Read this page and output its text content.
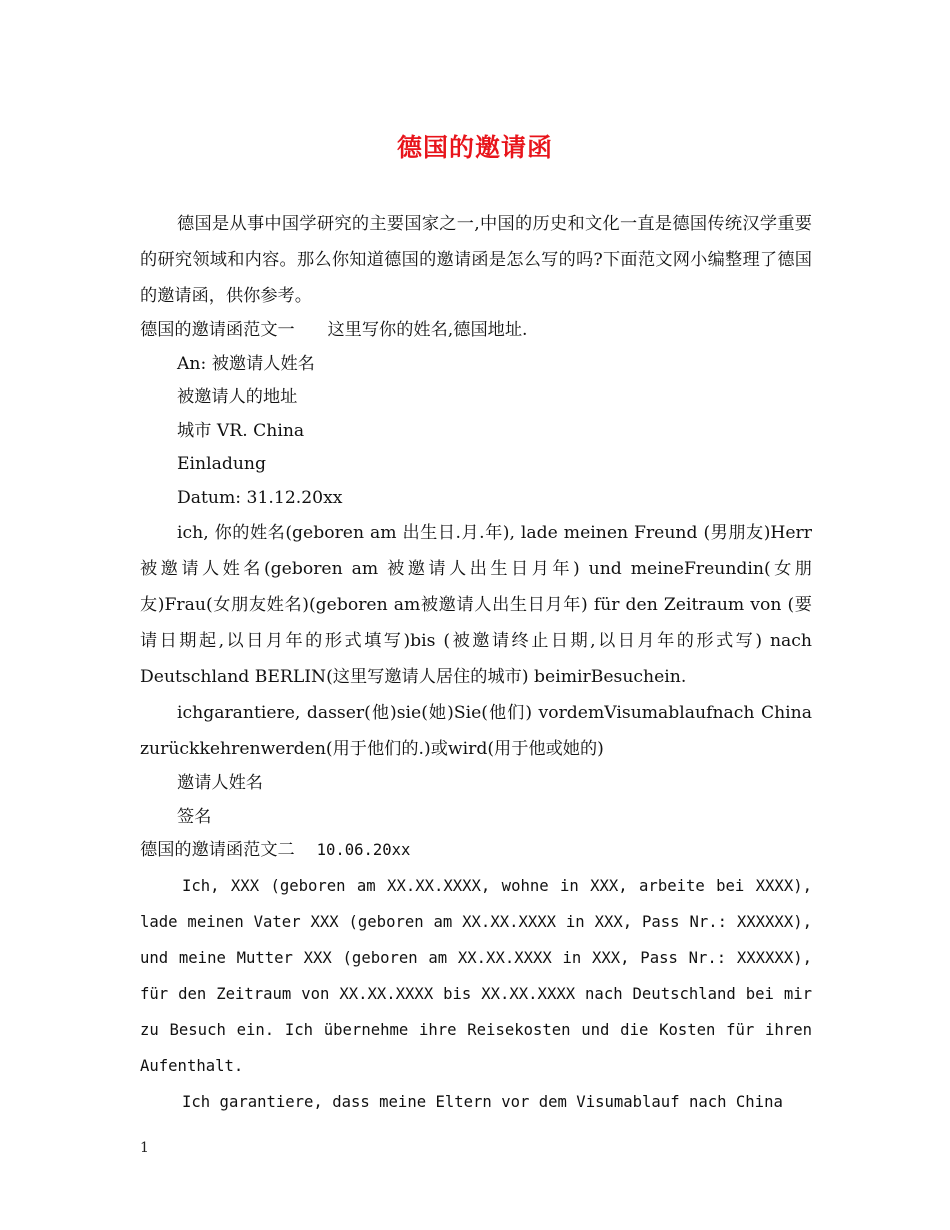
德国的邀请函

德国是从事中国学研究的主要国家之一,中国的历史和文化一直是德国传统汉学重要的研究领域和内容。那么你知道德国的邀请函是怎么写的吗?下面范文网小编整理了德国的邀请函，供你参考。

德国的邀请函范文一 这里写你的姓名,德国地址.

An: 被邀请人姓名

被邀请人的地址

城市 VR. China

Einladung

Datum: 31.12.20xx

ich, 你的姓名(geboren am 出生日.月.年), lade meinen Freund (男朋友)Herr 被邀请人姓名(geboren am 被邀请人出生日月年) und meineFreundin(女朋友)Frau(女朋友姓名)(geboren am被邀请人出生日月年) für den Zeitraum von (要请日期起,以日月年的形式填写)bis (被邀请终止日期,以日月年的形式写) nach Deutschland BERLIN(这里写邀请人居住的城市) beimirBesuchein.

ichgarantiere, dasser(他)sie(她)Sie(他们) vordemVisumablaufnach China zurückkehrenwerden(用于他们的.)或wird(用于他或她的)

邀请人姓名

签名

德国的邀请函范文二 10.06.20xx

Ich, XXX (geboren am XX.XX.XXXX, wohne in XXX, arbeite bei XXXX), lade meinen Vater XXX (geboren am XX.XX.XXXX in XXX, Pass Nr.: XXXXXX), und meine Mutter XXX (geboren am XX.XX.XXXX in XXX, Pass Nr.: XXXXXX), für den Zeitraum von XX.XX.XXXX bis XX.XX.XXXX nach Deutschland bei mir zu Besuch ein. Ich übernehme ihre Reisekosten und die Kosten für ihren Aufenthalt.

Ich garantiere, dass meine Eltern vor dem Visumablauf nach China

1
